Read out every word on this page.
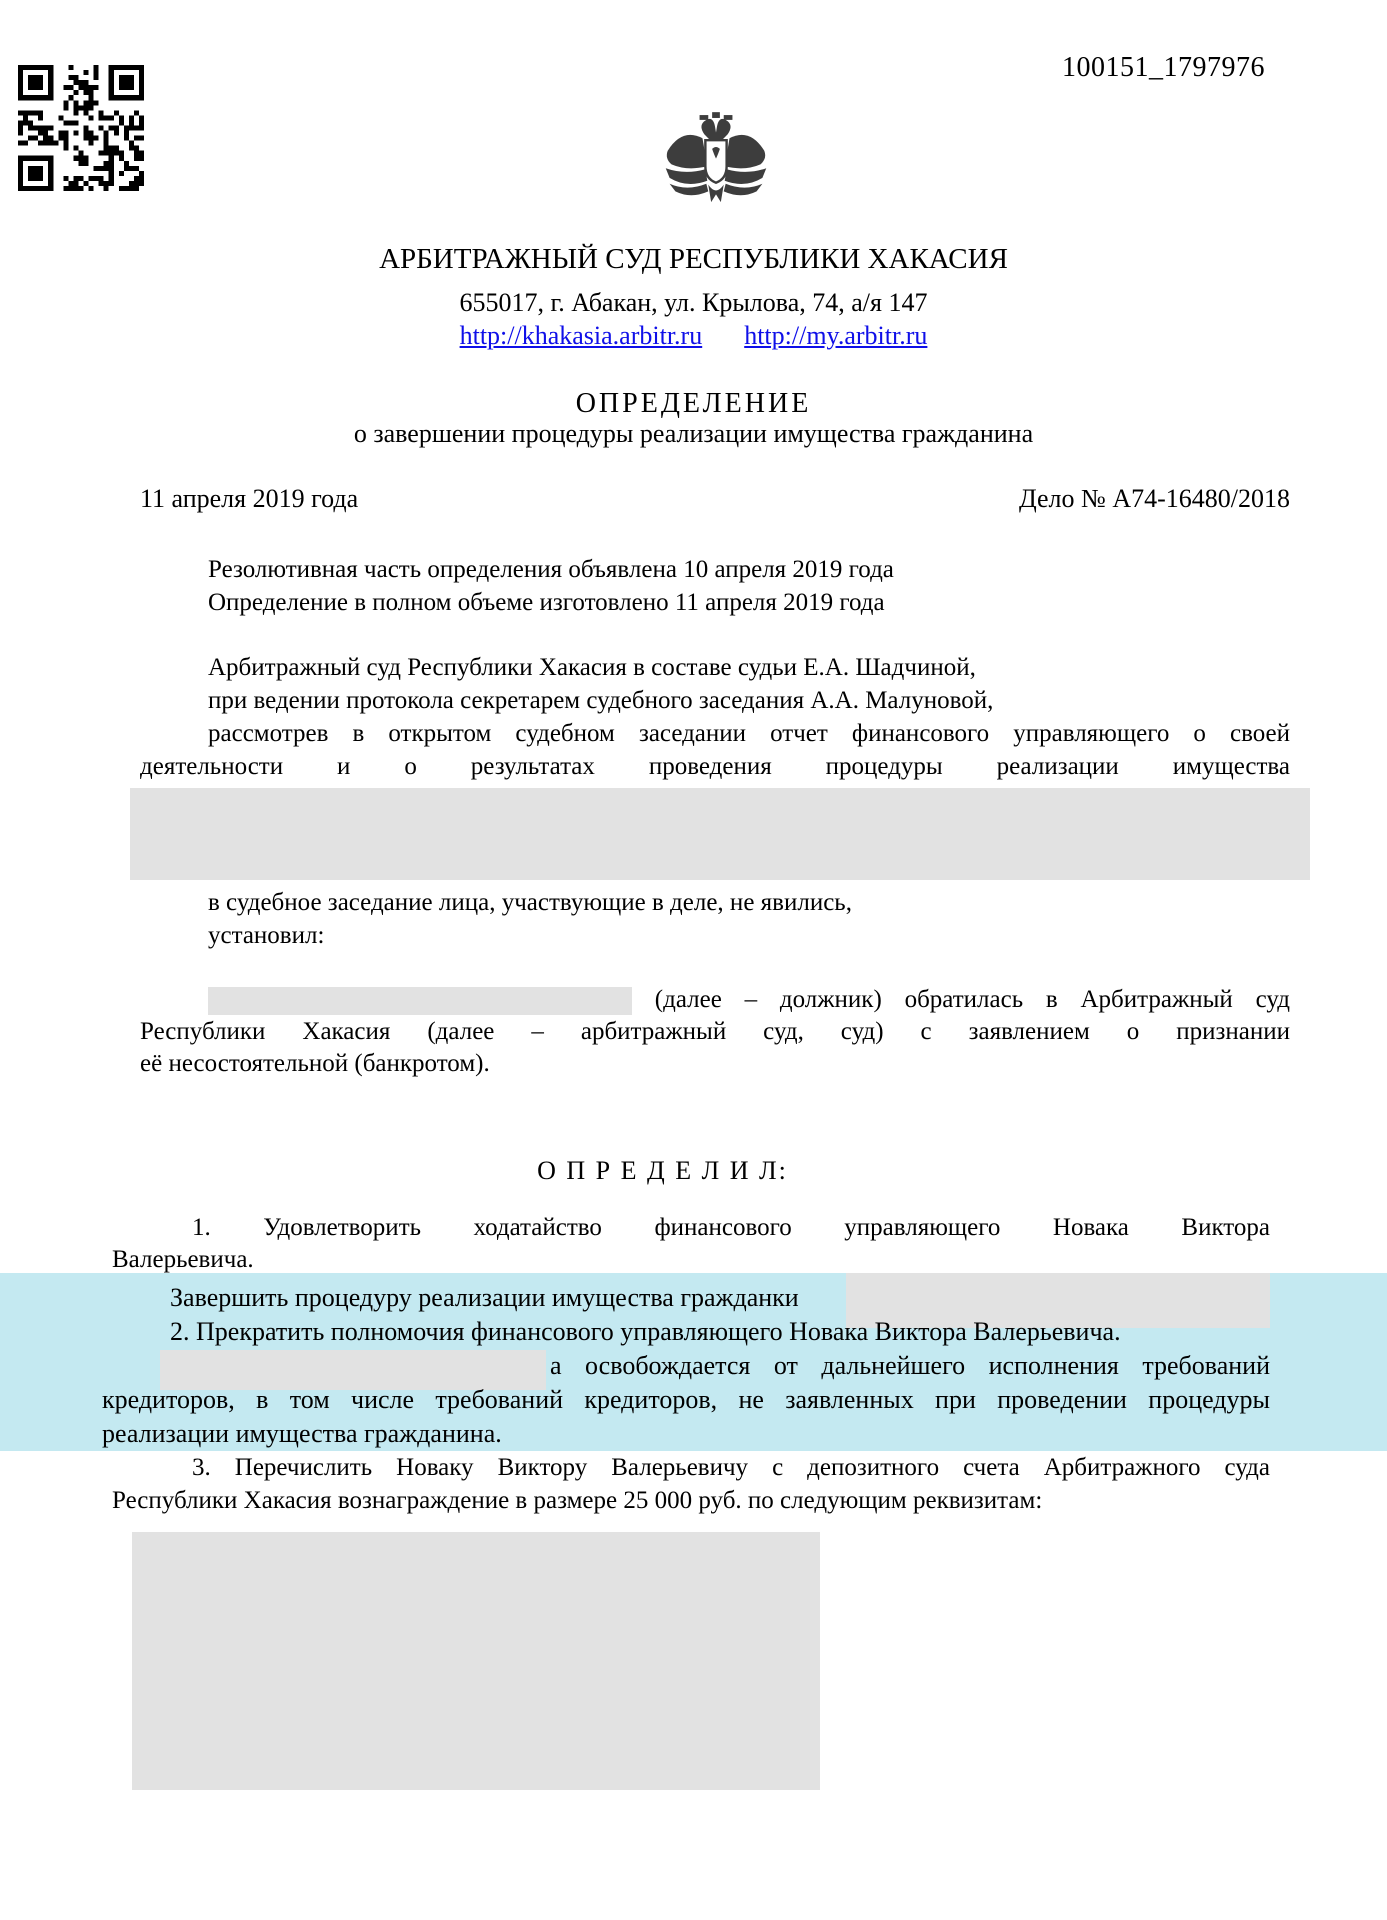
100151_1797976
АРБИТРАЖНЫЙ СУД РЕСПУБЛИКИ ХАКАСИЯ
655017, г. Абакан, ул. Крылова, 74, а/я 147
http://khakasia.arbitr.ru http://my.arbitr.ru
ОПРЕДЕЛЕНИЕ
о завершении процедуры реализации имущества гражданина
11 апреля 2019 года	Дело № А74-16480/2018
Резолютивная часть определения объявлена 10 апреля 2019 года
Определение в полном объеме изготовлено 11 апреля 2019 года
Арбитражный суд Республики Хакасия в составе судьи Е.А. Шадчиной,
при ведении протокола секретарем судебного заседания А.А. Малуновой,
рассмотрев в открытом судебном заседании отчет финансового управляющего о своей
деятельности и о результатах проведения процедуры реализации имущества
в судебное заседание лица, участвующие в деле, не явились,
установил:
(далее – должник) обратилась в Арбитражный суд
Республики Хакасия (далее – арбитражный суд, суд) с заявлением о признании
её несостоятельной (банкротом).
О П Р Е Д Е Л И Л:
1. Удовлетворить ходатайство финансового управляющего Новака Виктора
Валерьевича.
Завершить процедуру реализации имущества гражданки
2. Прекратить полномочия финансового управляющего Новака Виктора Валерьевича.
а освобождается от дальнейшего исполнения требований
кредиторов, в том числе требований кредиторов, не заявленных при проведении процедуры
реализации имущества гражданина.
3. Перечислить Новаку Виктору Валерьевичу с депозитного счета Арбитражного суда
Республики Хакасия вознаграждение в размере 25 000 руб. по следующим реквизитам:
